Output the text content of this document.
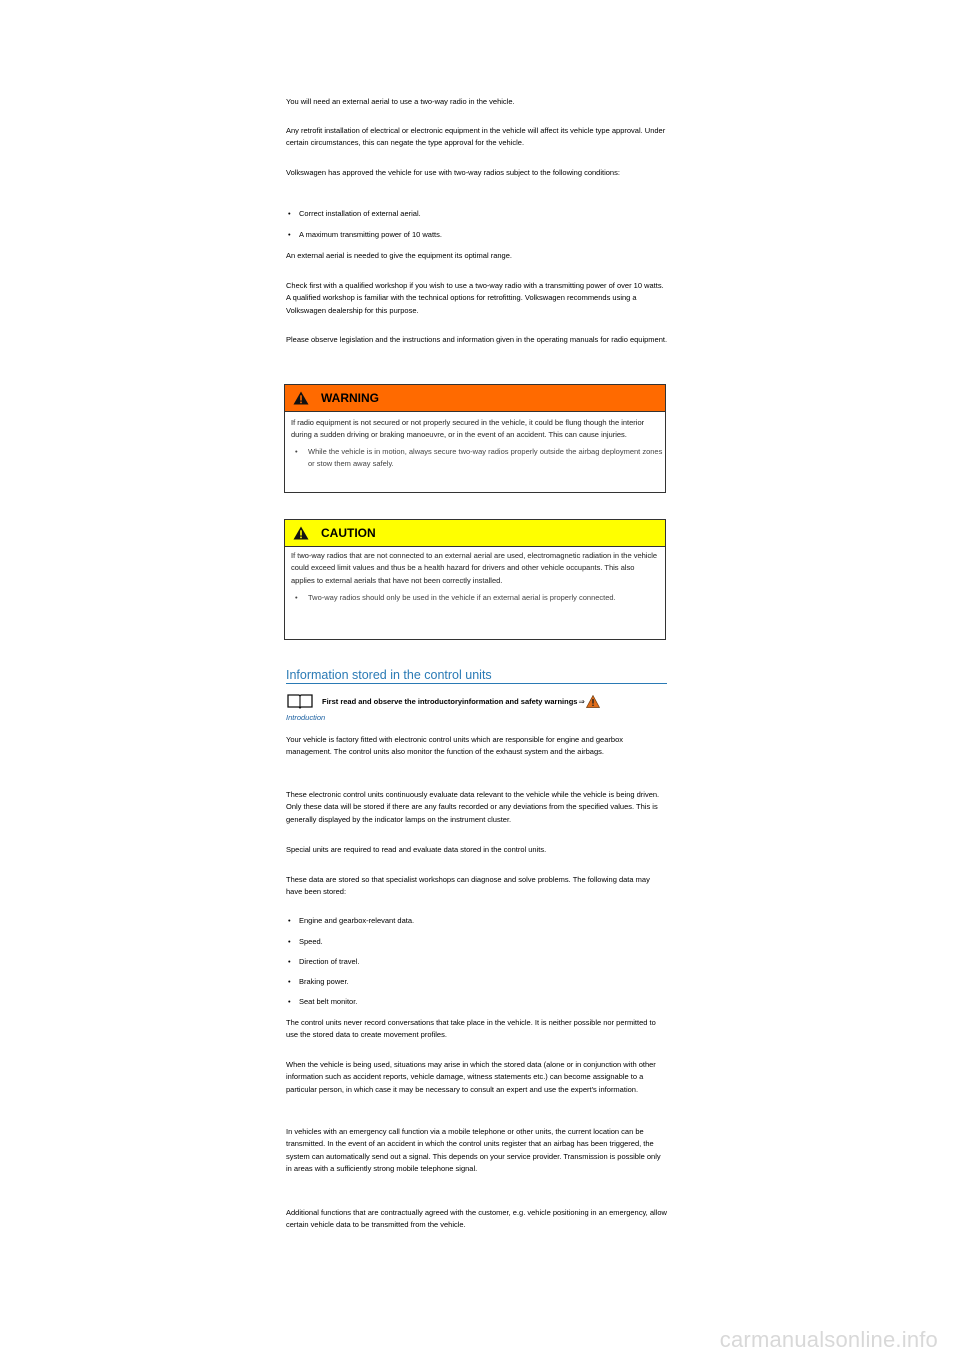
You will need an external aerial to use a two-way radio in the vehicle.

Any retrofit installation of electrical or electronic equipment in the vehicle will affect its vehicle type approval. Under certain circumstances, this can negate the type approval for the vehicle.

Volkswagen has approved the vehicle for use with two-way radios subject to the following conditions:

• Correct installation of external aerial.
• A maximum transmitting power of 10 watts.

An external aerial is needed to give the equipment its optimal range.

Check first with a qualified workshop if you wish to use a two-way radio with a transmitting power of over 10 watts. A qualified workshop is familiar with the technical options for retrofitting. Volkswagen recommends using a Volkswagen dealership for this purpose.

Please observe legislation and the instructions and information given in the operating manuals for radio equipment.

WARNING
If radio equipment is not secured or not properly secured in the vehicle, it could be flung though the interior during a sudden driving or braking manoeuvre, or in the event of an accident. This can cause injuries.
•	While the vehicle is in motion, always secure two-way radios properly outside the airbag deployment zones or stow them away safely.
CAUTION
If two-way radios that are not connected to an external aerial are used, electromagnetic radiation in the vehicle could exceed limit values and thus be a health hazard for drivers and other vehicle occupants. This also applies to external aerials that have not been correctly installed.
•	Two-way radios should only be used in the vehicle if an external aerial is properly connected.
Information stored in the control units
First read and observe the introductoryinformation and safety warnings ⇒
Introduction

Your vehicle is factory fitted with electronic control units which are responsible for engine and gearbox management. The control units also monitor the function of the exhaust system and the airbags.

These electronic control units continuously evaluate data relevant to the vehicle while the vehicle is being driven. Only these data will be stored if there are any faults recorded or any deviations from the specified values. This is generally displayed by the indicator lamps on the instrument cluster.

Special units are required to read and evaluate data stored in the control units.

These data are stored so that specialist workshops can diagnose and solve problems. The following data may have been stored:

• Engine and gearbox-relevant data.
• Speed.
• Direction of travel.
• Braking power.
• Seat belt monitor.

The control units never record conversations that take place in the vehicle. It is neither possible nor permitted to use the stored data to create movement profiles.

When the vehicle is being used, situations may arise in which the stored data (alone or in conjunction with other information such as accident reports, vehicle damage, witness statements etc.) can become assignable to a particular person, in which case it may be necessary to consult an expert and use the expert's information.

In vehicles with an emergency call function via a mobile telephone or other units, the current location can be transmitted. In the event of an accident in which the control units register that an airbag has been triggered, the system can automatically send out a signal. This depends on your service provider. Transmission is possible only in areas with a sufficiently strong mobile telephone signal.

Additional functions that are contractually agreed with the customer, e.g. vehicle positioning in an emergency, allow certain vehicle data to be transmitted from the vehicle.

carmanualsonline.info
